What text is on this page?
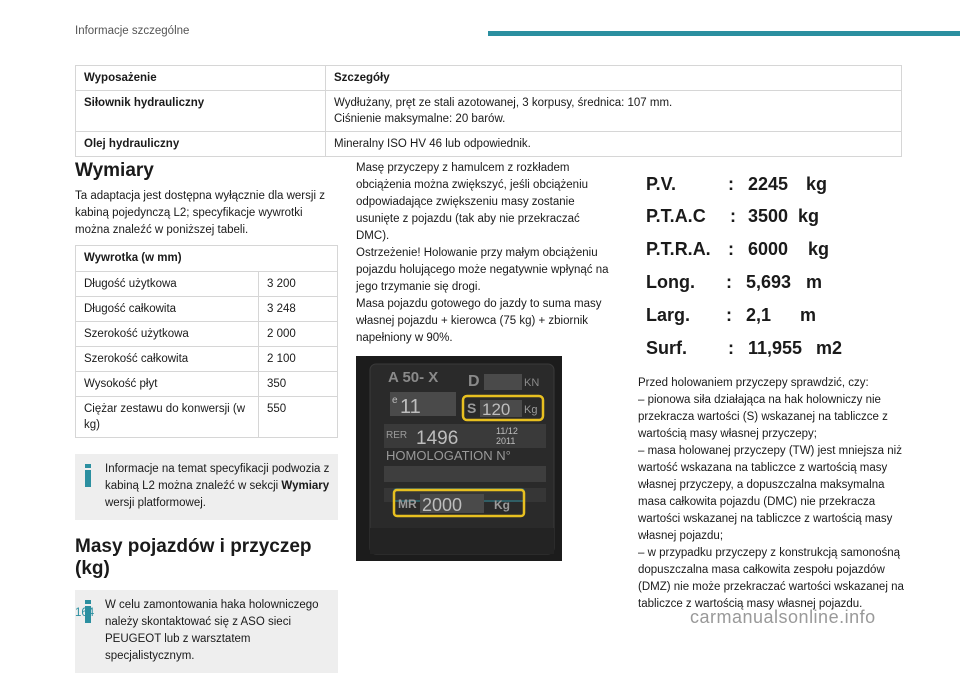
Informacje szczególne
Wyposażenie	Szczegóły
Siłownik hydrauliczny	Wydłużany, pręt ze stali azotowanej, 3 korpusy, średnica: 107 mm.
Ciśnienie maksymalne: 20 barów.

Olej hydrauliczny	Mineralny ISO HV 46 lub odpowiednik.
Wymiary
Ta adaptacja jest dostępna wyłącznie dla wersji z kabiną pojedynczą L2; specyfikacje wywrotki można znaleźć w poniższej tabeli.
Wywrotka (w mm)	
Długość użytkowa	3 200
Długość całkowita	3 248
Szerokość użytkowa	2 000
Szerokość całkowita	2 100
Wysokość płyt	350
Ciężar zestawu do konwersji (w kg)	550
Informacje na temat specyfikacji podwozia z kabiną L2 można znaleźć w sekcji Wymiary wersji platformowej.
Masy pojazdów i przyczep (kg)
W celu zamontowania haka holowniczego należy skontaktować się z ASO sieci PEUGEOT lub z warsztatem specjalistycznym.
Masę przyczepy z hamulcem z rozkładem obciążenia można zwiększyć, jeśli obciążeniu odpowiadające zwiększeniu masy zostanie usunięte z pojazdu (tak aby nie przekraczać DMC).
Ostrzeżenie! Holowanie przy małym obciążeniu pojazdu holującego może negatywnie wpłynąć na jego trzymanie się drogi.
Masa pojazdu gotowego do jazdy to suma masy własnej pojazdu + kierowca (75 kg) + zbiornik napełniony w 90%.
A 50- X D	KN
e 11	S 120 Kg
RER 1496	11/12
2011
HOMOLOGATION N°
MR 2000	Kg
P.V.	: 2245 kg
P.T.A.C : 3500 kg
P.T.R.A. : 6000 kg
Long. : 5,693 m
Larg. : 2,1 m
Surf. : 11,955 m2
Przed holowaniem przyczepy sprawdzić, czy:
– pionowa siła działająca na hak holowniczy nie przekracza wartości (S) wskazanej na tabliczce z wartością masy własnej przyczepy;
– masa holowanej przyczepy (TW) jest mniejsza niż wartość wskazana na tabliczce z wartością masy własnej przyczepy, a dopuszczalna maksymalna masa całkowita pojazdu (DMC) nie przekracza wartości wskazanej na tabliczce z wartością masy własnej pojazdu;
– w przypadku przyczepy z konstrukcją samonośną dopuszczalna masa całkowita zespołu pojazdów (DMZ) nie może przekraczać wartości wskazanej na tabliczce z wartością masy własnej pojazdu.
164	carmanualsonline.info
